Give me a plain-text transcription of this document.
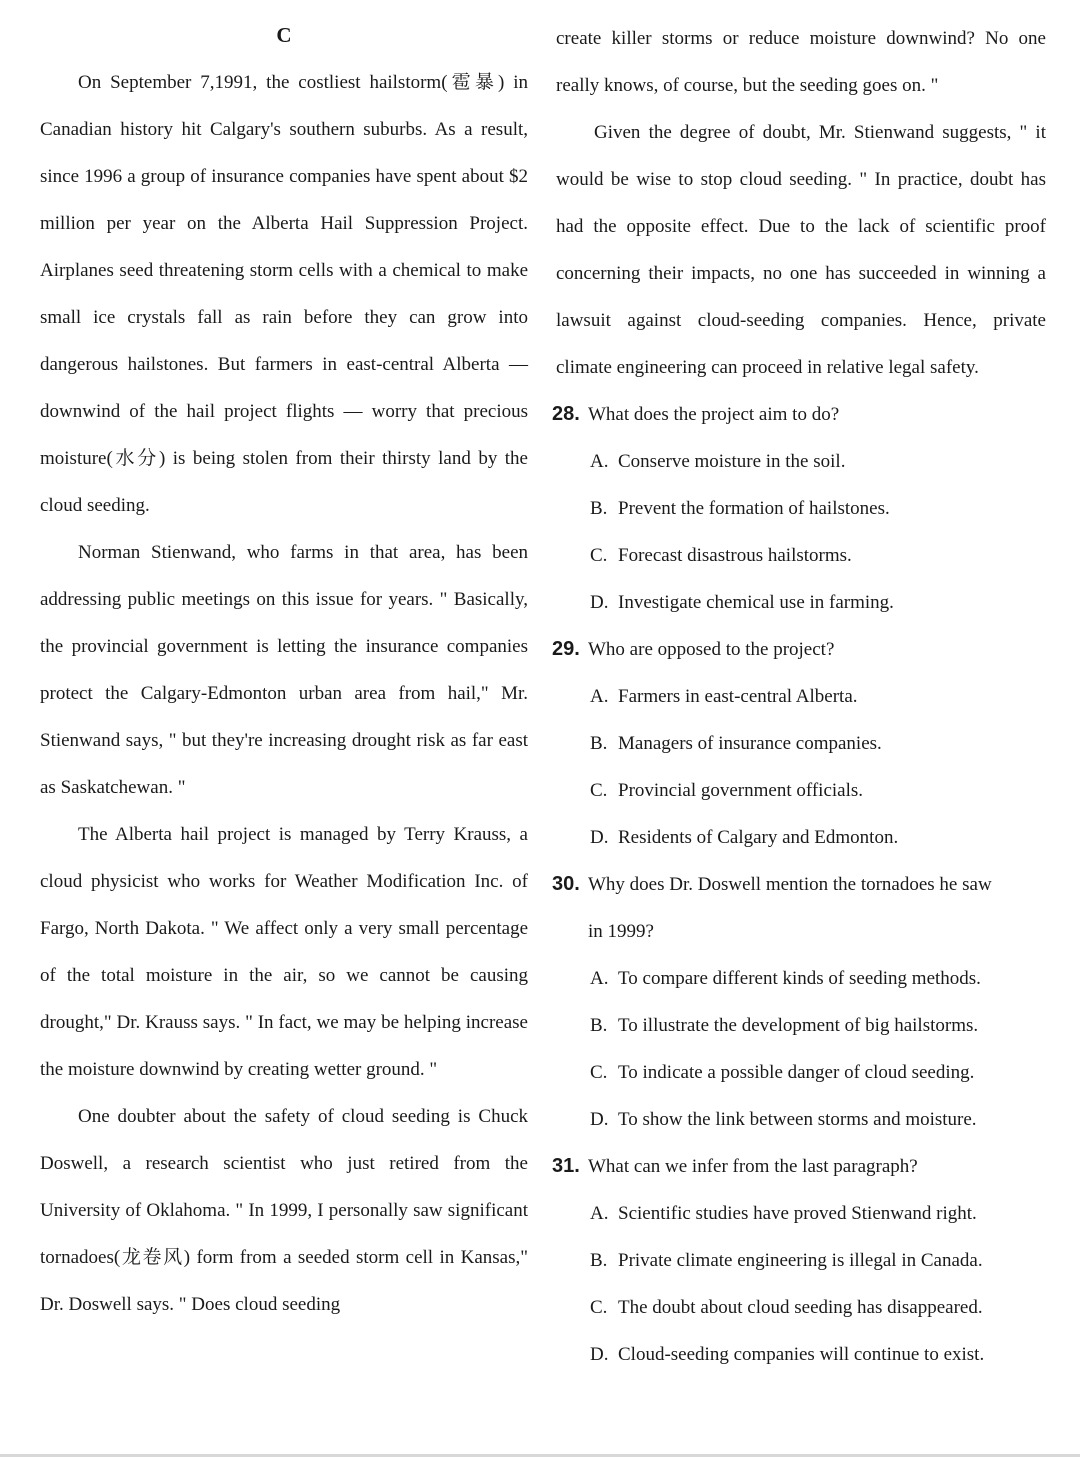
C

On September 7,1991, the costliest hailstorm(雹暴) in Canadian history hit Calgary's southern suburbs. As a result, since 1996 a group of insurance companies have spent about $2 million per year on the Alberta Hail Suppression Project. Airplanes seed threatening storm cells with a chemical to make small ice crystals fall as rain before they can grow into dangerous hailstones. But farmers in east-central Alberta — downwind of the hail project flights — worry that precious moisture(水分) is being stolen from their thirsty land by the cloud seeding.

Norman Stienwand, who farms in that area, has been addressing public meetings on this issue for years. " Basically, the provincial government is letting the insurance companies protect the Calgary-Edmonton urban area from hail," Mr. Stienwand says, " but they're increasing drought risk as far east as Saskatchewan. "

The Alberta hail project is managed by Terry Krauss, a cloud physicist who works for Weather Modification Inc. of Fargo, North Dakota. " We affect only a very small percentage of the total moisture in the air, so we cannot be causing drought," Dr. Krauss says. " In fact, we may be helping increase the moisture downwind by creating wetter ground. "

One doubter about the safety of cloud seeding is Chuck Doswell, a research scientist who just retired from the University of Oklahoma. " In 1999, I personally saw significant tornadoes(龙卷风) form from a seeded storm cell in Kansas," Dr. Doswell says. " Does cloud seeding

create killer storms or reduce moisture downwind? No one really knows, of course, but the seeding goes on. "

Given the degree of doubt, Mr. Stienwand suggests, " it would be wise to stop cloud seeding. " In practice, doubt has had the opposite effect. Due to the lack of scientific proof concerning their impacts, no one has succeeded in winning a lawsuit against cloud-seeding companies. Hence, private climate engineering can proceed in relative legal safety.

28. What does the project aim to do?

A. Conserve moisture in the soil.

B. Prevent the formation of hailstones.

C. Forecast disastrous hailstorms.

D. Investigate chemical use in farming.

29. Who are opposed to the project?

A. Farmers in east-central Alberta.

B. Managers of insurance companies.

C. Provincial government officials.

D. Residents of Calgary and Edmonton.

30. Why does Dr. Doswell mention the tornadoes he saw

in 1999?

A. To compare different kinds of seeding methods.

B. To illustrate the development of big hailstorms.

C. To indicate a possible danger of cloud seeding.

D. To show the link between storms and moisture.

31. What can we infer from the last paragraph?

A. Scientific studies have proved Stienwand right.

B. Private climate engineering is illegal in Canada.

C. The doubt about cloud seeding has disappeared.

D. Cloud-seeding companies will continue to exist.
